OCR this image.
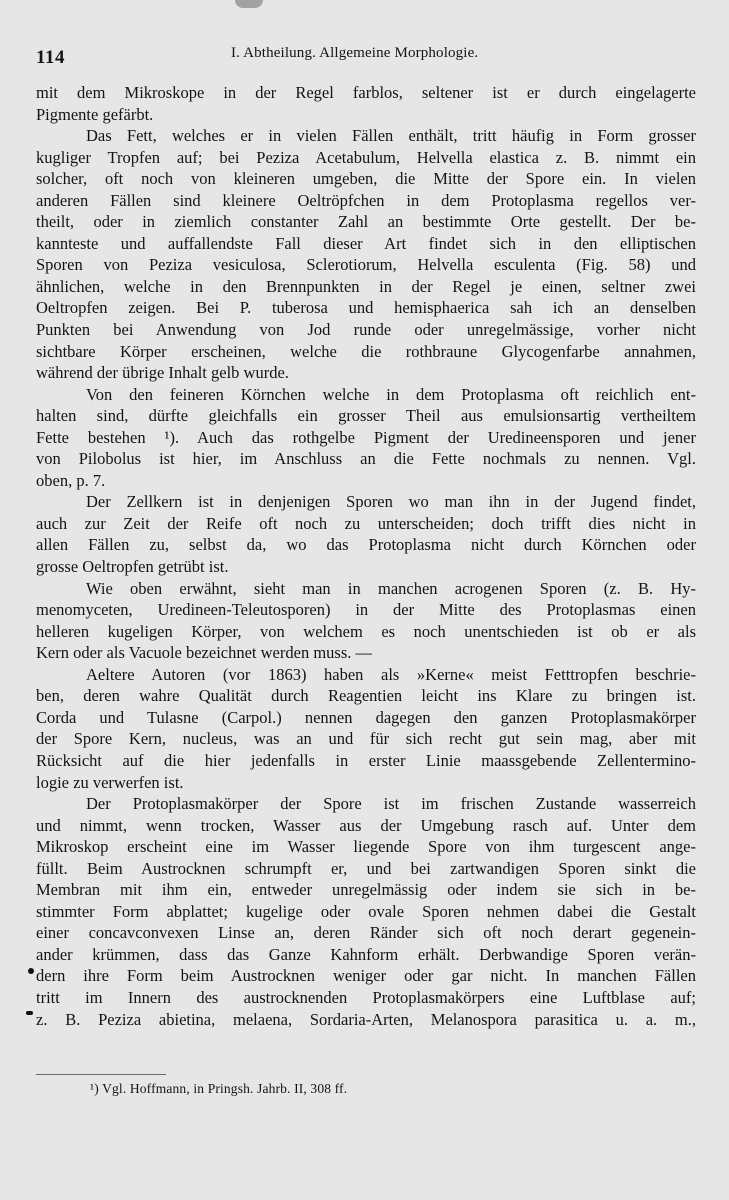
114	I. Abtheilung. Allgemeine Morphologie.
mit dem Mikroskope in der Regel farblos, seltener ist er durch eingelagerte
Pigmente gefärbt.
Das Fett, welches er in vielen Fällen enthält, tritt häufig in Form grosser
kugliger Tropfen auf; bei Peziza Acetabulum, Helvella elastica z. B. nimmt ein
solcher, oft noch von kleineren umgeben, die Mitte der Spore ein. In vielen
anderen Fällen sind kleinere Oeltröpfchen in dem Protoplasma regellos ver-
theilt, oder in ziemlich constanter Zahl an bestimmte Orte gestellt. Der be-
kannteste und auffallendste Fall dieser Art findet sich in den elliptischen
Sporen von Peziza vesiculosa, Sclerotiorum, Helvella esculenta (Fig. 58) und
ähnlichen, welche in den Brennpunkten in der Regel je einen, seltner zwei
Oeltropfen zeigen. Bei P. tuberosa und hemisphaerica sah ich an denselben
Punkten bei Anwendung von Jod runde oder unregelmässige, vorher nicht
sichtbare Körper erscheinen, welche die rothbraune Glycogenfarbe annahmen,
während der übrige Inhalt gelb wurde.
Von den feineren Körnchen welche in dem Protoplasma oft reichlich ent-
halten sind, dürfte gleichfalls ein grosser Theil aus emulsionsartig vertheiltem
Fette bestehen ¹). Auch das rothgelbe Pigment der Uredineensporen und jener
von Pilobolus ist hier, im Anschluss an die Fette nochmals zu nennen. Vgl.
oben, p. 7.
Der Zellkern ist in denjenigen Sporen wo man ihn in der Jugend findet,
auch zur Zeit der Reife oft noch zu unterscheiden; doch trifft dies nicht in
allen Fällen zu, selbst da, wo das Protoplasma nicht durch Körnchen oder
grosse Oeltropfen getrübt ist.
Wie oben erwähnt, sieht man in manchen acrogenen Sporen (z. B. Hy-
menomyceten, Uredineen-Teleutosporen) in der Mitte des Protoplasmas einen
helleren kugeligen Körper, von welchem es noch unentschieden ist ob er als
Kern oder als Vacuole bezeichnet werden muss. —
Aeltere Autoren (vor 1863) haben als »Kerne« meist Fetttropfen beschrie-
ben, deren wahre Qualität durch Reagentien leicht ins Klare zu bringen ist.
Corda und Tulasne (Carpol.) nennen dagegen den ganzen Protoplasmakörper
der Spore Kern, nucleus, was an und für sich recht gut sein mag, aber mit
Rücksicht auf die hier jedenfalls in erster Linie maassgebende Zellentermino-
logie zu verwerfen ist.
Der Protoplasmakörper der Spore ist im frischen Zustande wasserreich
und nimmt, wenn trocken, Wasser aus der Umgebung rasch auf. Unter dem
Mikroskop erscheint eine im Wasser liegende Spore von ihm turgescent ange-
füllt. Beim Austrocknen schrumpft er, und bei zartwandigen Sporen sinkt die
Membran mit ihm ein, entweder unregelmässig oder indem sie sich in be-
stimmter Form abplattet; kugelige oder ovale Sporen nehmen dabei die Gestalt
einer concavconvexen Linse an, deren Ränder sich oft noch derart gegenein-
ander krümmen, dass das Ganze Kahnform erhält. Derbwandige Sporen verän-
dern ihre Form beim Austrocknen weniger oder gar nicht. In manchen Fällen
tritt im Innern des austrocknenden Protoplasmakörpers eine Luftblase auf;
z. B. Peziza abietina, melaena, Sordaria-Arten, Melanospora parasitica u. a. m.,
¹) Vgl. Hoffmann, in Pringsh. Jahrb. II, 308 ff.
